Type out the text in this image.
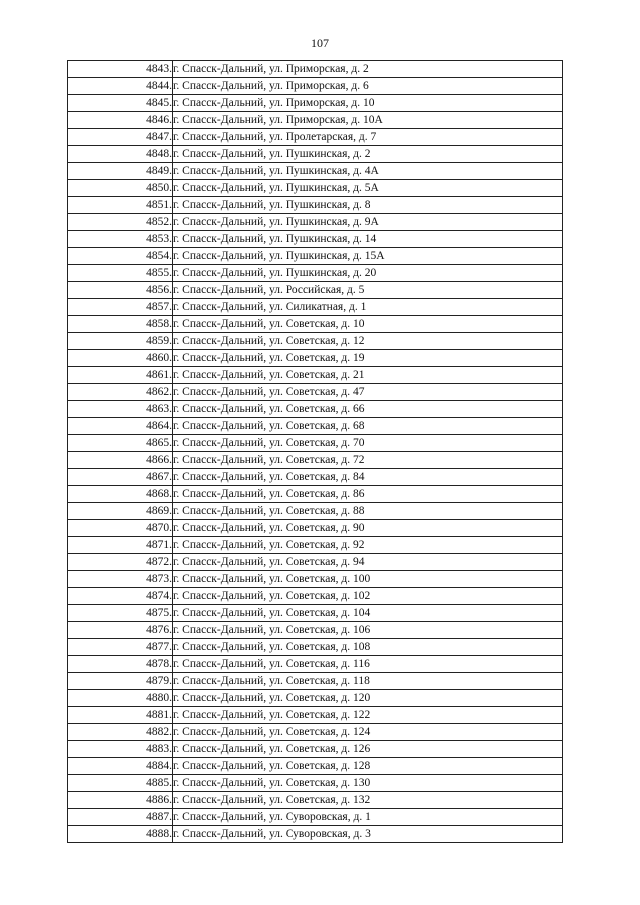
107
4843.	г. Спасск-Дальний, ул. Приморская, д. 2
4844.	г. Спасск-Дальний, ул. Приморская, д. 6
4845.	г. Спасск-Дальний, ул. Приморская, д. 10
4846.	г. Спасск-Дальний, ул. Приморская, д. 10А
4847.	г. Спасск-Дальний, ул. Пролетарская, д. 7
4848.	г. Спасск-Дальний, ул. Пушкинская, д. 2
4849.	г. Спасск-Дальний, ул. Пушкинская, д. 4А
4850.	г. Спасск-Дальний, ул. Пушкинская, д. 5А
4851.	г. Спасск-Дальний, ул. Пушкинская, д. 8
4852.	г. Спасск-Дальний, ул. Пушкинская, д. 9А
4853.	г. Спасск-Дальний, ул. Пушкинская, д. 14
4854.	г. Спасск-Дальний, ул. Пушкинская, д. 15А
4855.	г. Спасск-Дальний, ул. Пушкинская, д. 20
4856.	г. Спасск-Дальний, ул. Российская, д. 5
4857.	г. Спасск-Дальний, ул. Силикатная, д. 1
4858.	г. Спасск-Дальний, ул. Советская, д. 10
4859.	г. Спасск-Дальний, ул. Советская, д. 12
4860.	г. Спасск-Дальний, ул. Советская, д. 19
4861.	г. Спасск-Дальний, ул. Советская, д. 21
4862.	г. Спасск-Дальний, ул. Советская, д. 47
4863.	г. Спасск-Дальний, ул. Советская, д. 66
4864.	г. Спасск-Дальний, ул. Советская, д. 68
4865.	г. Спасск-Дальний, ул. Советская, д. 70
4866.	г. Спасск-Дальний, ул. Советская, д. 72
4867.	г. Спасск-Дальний, ул. Советская, д. 84
4868.	г. Спасск-Дальний, ул. Советская, д. 86
4869.	г. Спасск-Дальний, ул. Советская, д. 88
4870.	г. Спасск-Дальний, ул. Советская, д. 90
4871.	г. Спасск-Дальний, ул. Советская, д. 92
4872.	г. Спасск-Дальний, ул. Советская, д. 94
4873.	г. Спасск-Дальний, ул. Советская, д. 100
4874.	г. Спасск-Дальний, ул. Советская, д. 102
4875.	г. Спасск-Дальний, ул. Советская, д. 104
4876.	г. Спасск-Дальний, ул. Советская, д. 106
4877.	г. Спасск-Дальний, ул. Советская, д. 108
4878.	г. Спасск-Дальний, ул. Советская, д. 116
4879.	г. Спасск-Дальний, ул. Советская, д. 118
4880.	г. Спасск-Дальний, ул. Советская, д. 120
4881.	г. Спасск-Дальний, ул. Советская, д. 122
4882.	г. Спасск-Дальний, ул. Советская, д. 124
4883.	г. Спасск-Дальний, ул. Советская, д. 126
4884.	г. Спасск-Дальний, ул. Советская, д. 128
4885.	г. Спасск-Дальний, ул. Советская, д. 130
4886.	г. Спасск-Дальний, ул. Советская, д. 132
4887.	г. Спасск-Дальний, ул. Суворовская, д. 1
4888.	г. Спасск-Дальний, ул. Суворовская, д. 3
